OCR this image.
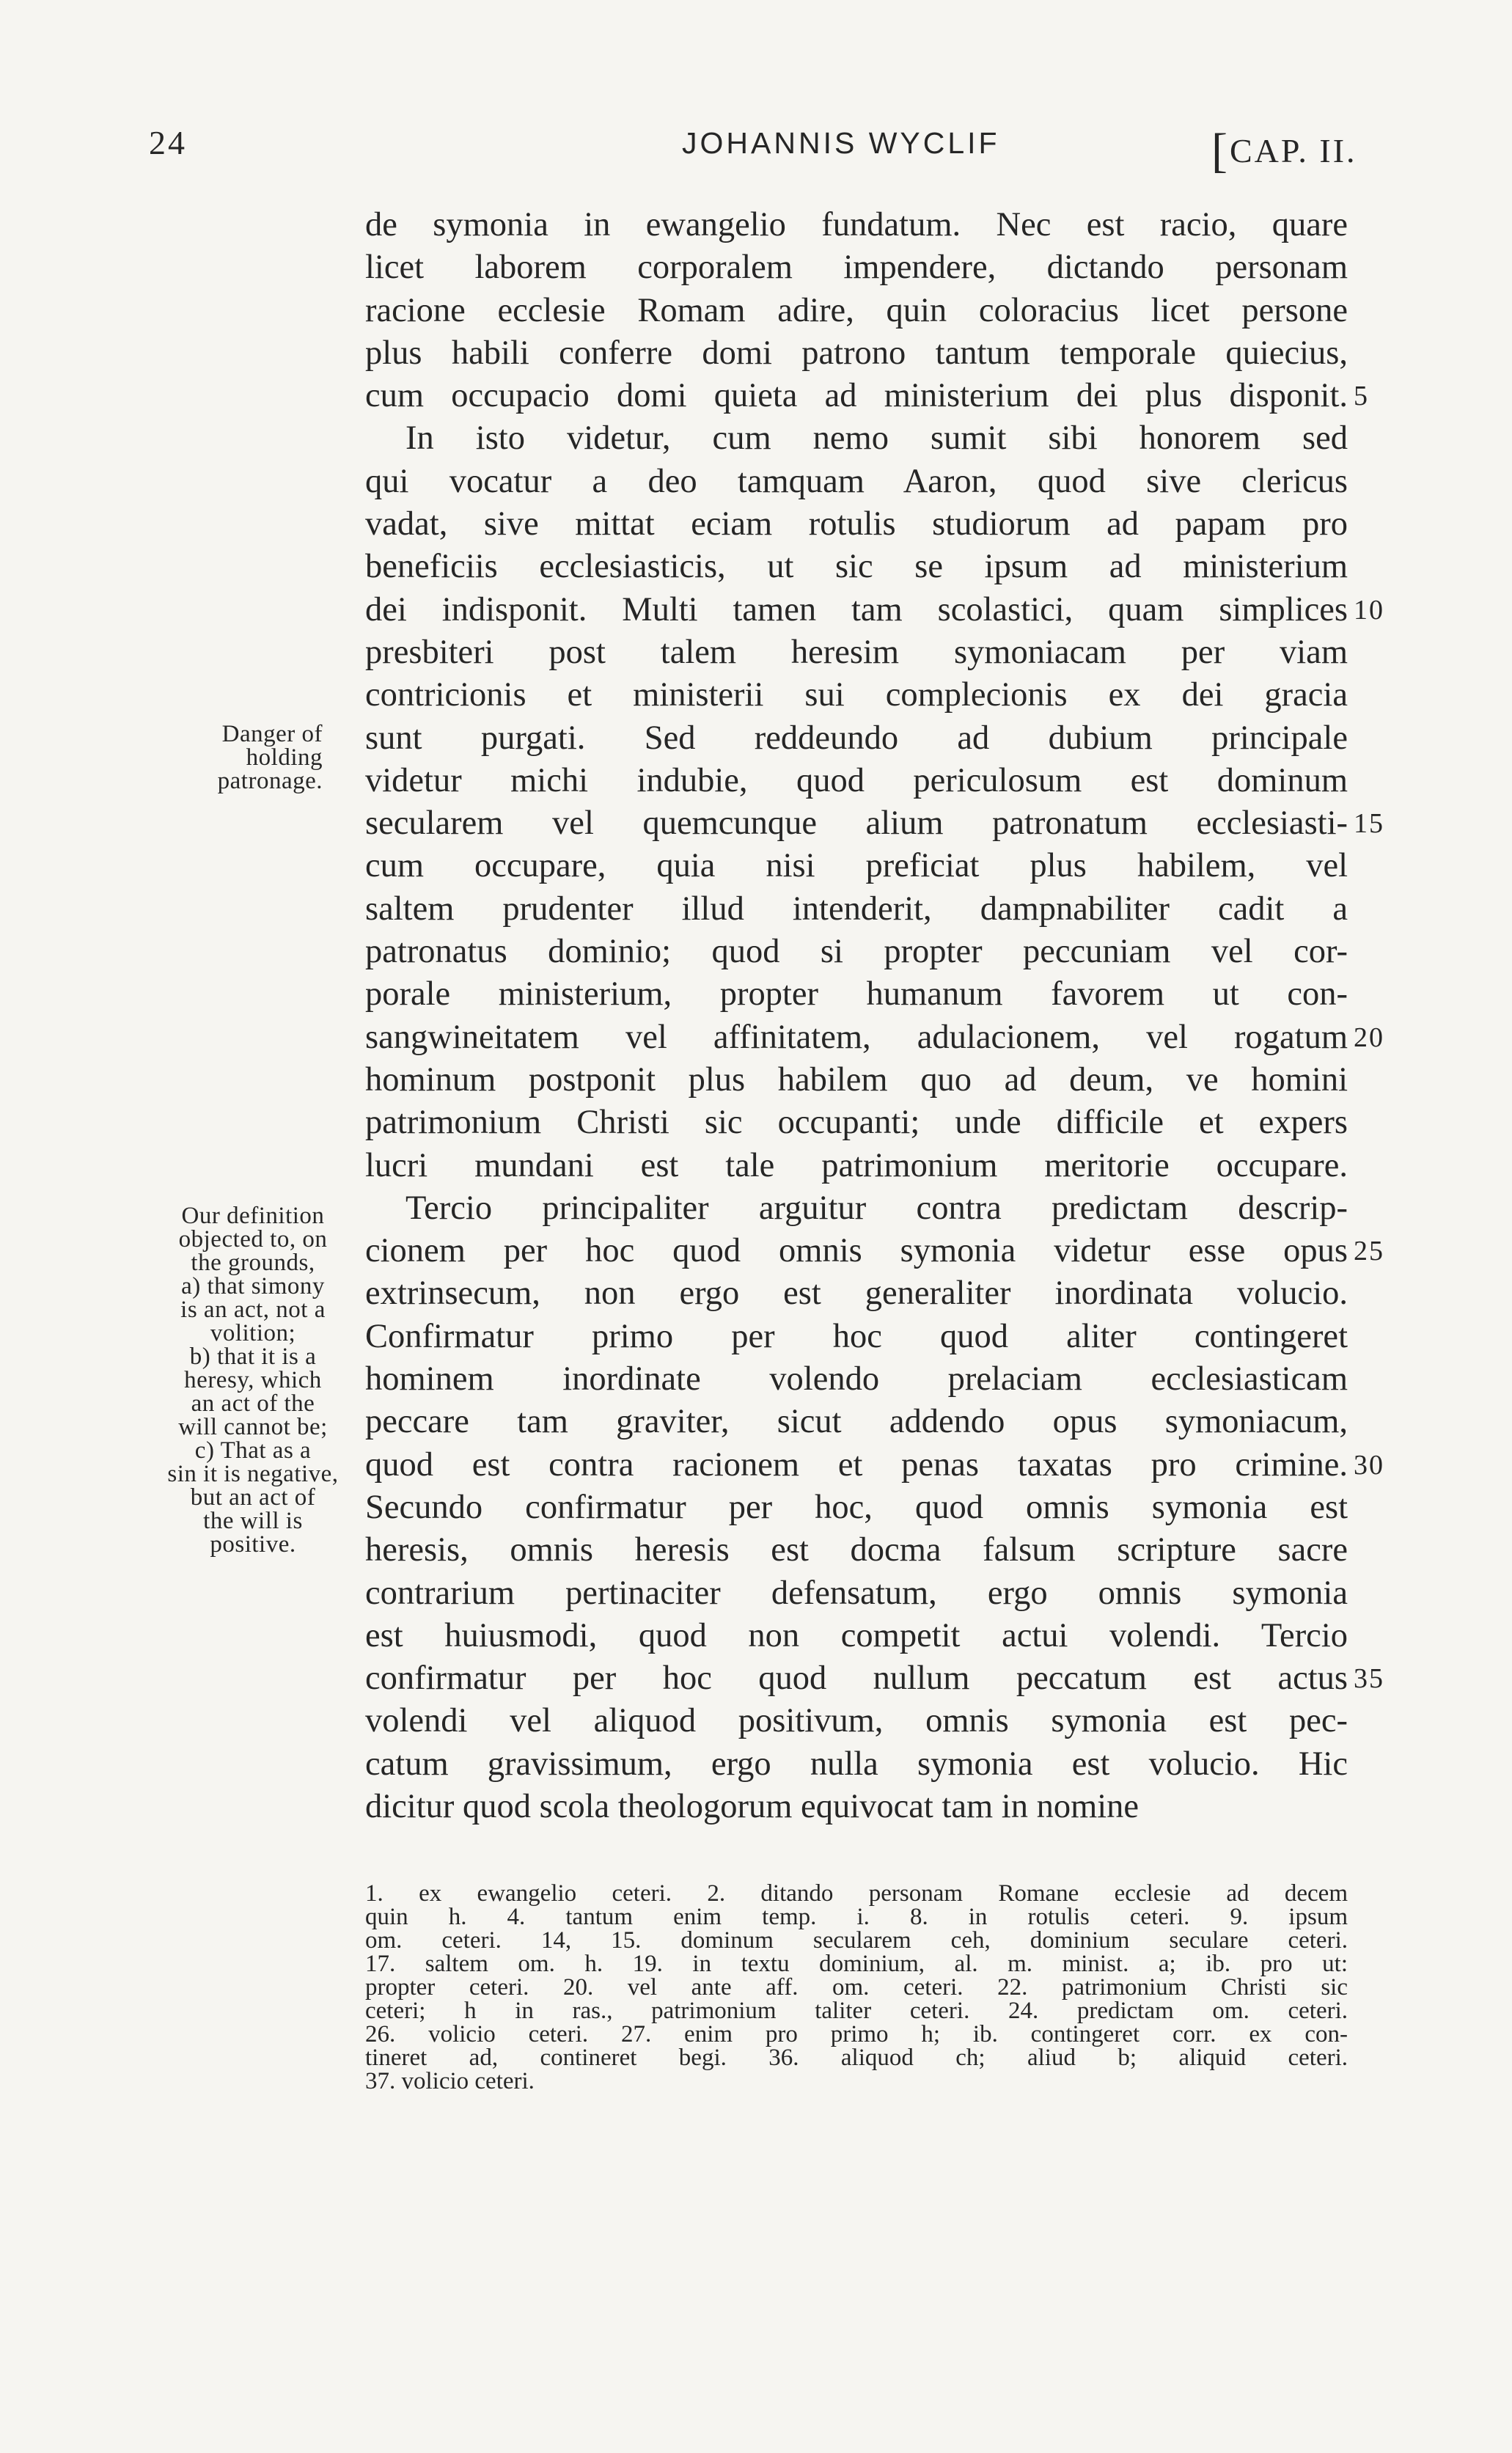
24	JOHANNIS WYCLIF	[CAP. II.
Danger of
holding
patronage.
Our definition
objected to, on
the grounds,
a) that simony
is an act, not a
volition;
b) that it is a
heresy, which
an act of the
will cannot be;
c) That as a
sin it is negative,
but an act of
the will is
positive.
de symonia in ewangelio fundatum. Nec est racio, quare
licet laborem corporalem impendere, dictando personam
racione ecclesie Romam adire, quin coloracius licet persone
plus habili conferre domi patrono tantum temporale quiecius,
cum occupacio domi quieta ad ministerium dei plus disponit.
In isto videtur, cum nemo sumit sibi honorem sed
qui vocatur a deo tamquam Aaron, quod sive clericus
vadat, sive mittat eciam rotulis studiorum ad papam pro
beneficiis ecclesiasticis, ut sic se ipsum ad ministerium
dei indisponit. Multi tamen tam scolastici, quam simplices
presbiteri post talem heresim symoniacam per viam
contricionis et ministerii sui complecionis ex dei gracia
sunt purgati. Sed reddeundo ad dubium principale
videtur michi indubie, quod periculosum est dominum
secularem vel quemcunque alium patronatum ecclesiasti-
cum occupare, quia nisi preficiat plus habilem, vel
saltem prudenter illud intenderit, dampnabiliter cadit a
patronatus dominio; quod si propter peccuniam vel cor-
porale ministerium, propter humanum favorem ut con-
sangwineitatem vel affinitatem, adulacionem, vel rogatum
hominum postponit plus habilem quo ad deum, ve homini
patrimonium Christi sic occupanti; unde difficile et expers
lucri mundani est tale patrimonium meritorie occupare.
Tercio principaliter arguitur contra predictam descrip-
cionem per hoc quod omnis symonia videtur esse opus
extrinsecum, non ergo est generaliter inordinata volucio.
Confirmatur primo per hoc quod aliter contingeret
hominem inordinate volendo prelaciam ecclesiasticam
peccare tam graviter, sicut addendo opus symoniacum,
quod est contra racionem et penas taxatas pro crimine.
Secundo confirmatur per hoc, quod omnis symonia est
heresis, omnis heresis est docma falsum scripture sacre
contrarium pertinaciter defensatum, ergo omnis symonia
est huiusmodi, quod non competit actui volendi. Tercio
confirmatur per hoc quod nullum peccatum est actus
volendi vel aliquod positivum, omnis symonia est pec-
catum gravissimum, ergo nulla symonia est volucio. Hic
dicitur quod scola theologorum equivocat tam in nomine
5
10
15
20
25
30
35
1. ex ewangelio ceteri. 2. ditando personam Romane ecclesie ad decem
quin h. 4. tantum enim temp. i. 8. in rotulis ceteri. 9. ipsum
om. ceteri. 14, 15. dominum secularem ceh, dominium seculare ceteri.
17. saltem om. h. 19. in textu dominium, al. m. minist. a; ib. pro ut:
propter ceteri. 20. vel ante aff. om. ceteri. 22. patrimonium Christi sic
ceteri; h in ras., patrimonium taliter ceteri. 24. predictam om. ceteri.
26. volicio ceteri. 27. enim pro primo h; ib. contingeret corr. ex con-
tineret ad, contineret begi. 36. aliquod ch; aliud b; aliquid ceteri.
37. volicio ceteri.
